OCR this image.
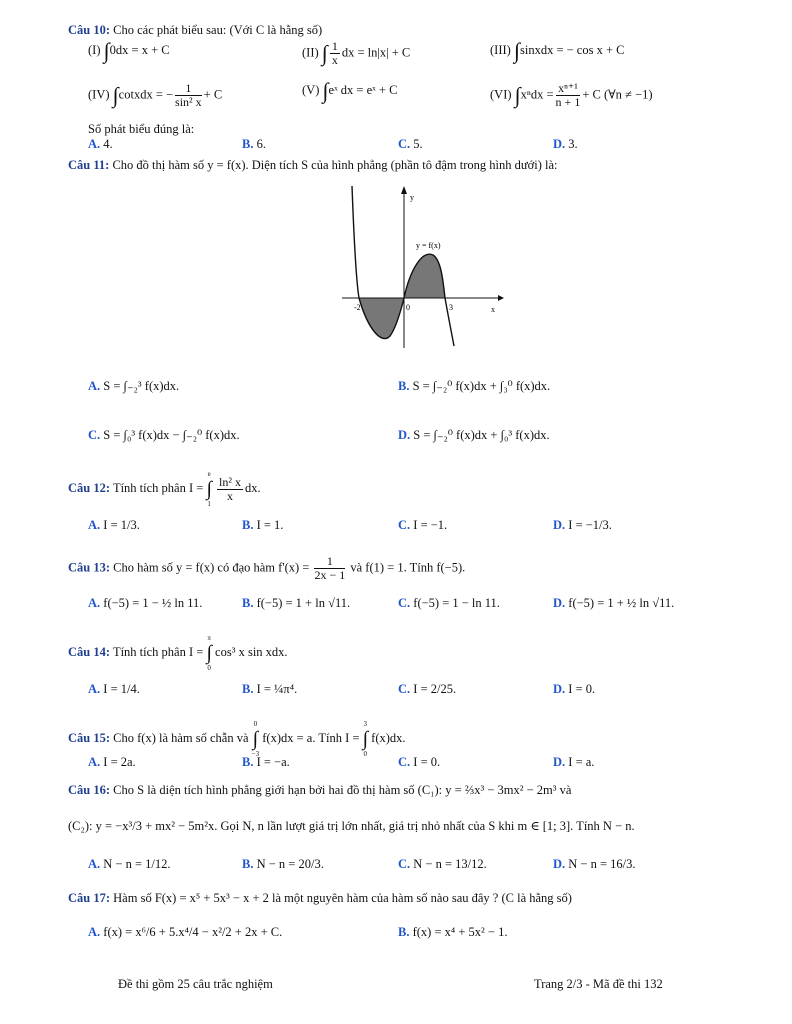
Câu 10: Cho các phát biểu sau: (Với C là hằng số)
(I) ∫0dx = x + C	(II) ∫ $\frac{1}{x}$ dx = ln|x| + C	(III) ∫sinxdx = − cos x + C
(IV) ∫cotxdx = − $\frac{1}{\text{sin² x}} + C$	(V) ∫eˣ dx = eˣ + C	(VI) $\int x^ndx = \frac{\text{xⁿ⁺¹}}{n + 1} + C$ (∀n ≠ −1)
Số phát biểu đúng là:
A. 4.	B. 6.	C. 5.	D. 3.
Câu 11: Cho đồ thị hàm số y = f(x). Diện tích S của hình phẳng (phần tô đậm trong hình dưới) là:
y = f(x)
y
x
-2	0	3
A. S = ∫₋₂³ f(x)dx.	B. S = ∫₋₂⁰ f(x)dx + ∫₃⁰ f(x)dx.
C. S = ∫₀³ f(x)dx − ∫₋₂⁰ f(x)dx.	D. S = ∫₋₂⁰ f(x)dx + ∫₀³ f(x)dx.
Câu 12: Tính tích phân I = e
∫
1
$\frac{\text{ln² x}}{x}$ dx.
A. I = 1/3.	B. I = 1.	C. I = −1.	D. I = −1/3.
Câu 13: Cho hàm số y = f(x) có đạo hàm $f'(x) = \frac{1}{2x - 1}$ và f(1) = 1. Tính f(−5).
A. f(−5) = 1 − ½ ln 11.	B. f(−5) = 1 + ln √11.	C. f(−5) = 1 − ln 11.	D. f(−5) = 1 + ½ ln √11.
Câu 14: Tính tích phân I = π
∫
0 cos³ x sin xdx.
A. I = 1/4.	B. I = ¼π⁴.	C. I = 2/25.	D. I = 0.
Câu 15: Cho f(x) là hàm số chẵn và 0
∫
−3 f(x)dx = a. Tính I = 3
∫
0 f(x)dx.
A. I = 2a.	B. I = −a.	C. I = 0.	D. I = a.
Câu 16: Cho S là diện tích hình phẳng giới hạn bởi hai đồ thị hàm số (C₁): y = ⅔x³ − 3mx² − 2m³ và
(C₂): y = −x³/3 + mx² − 5m²x. Gọi N, n lần lượt giá trị lớn nhất, giá trị nhỏ nhất của S khi m ∈ [1; 3]. Tính N − n.
A. N − n = 1/12.	B. N − n = 20/3.	C. N − n = 13/12.	D. N − n = 16/3.
Câu 17: Hàm số F(x) = x⁵ + 5x³ − x + 2 là một nguyên hàm của hàm số nào sau đây ? (C là hằng số)
A. f(x) = x⁶/6 + 5.x⁴/4 − x²/2 + 2x + C.	B. f(x) = x⁴ + 5x² − 1.
Đề thi gồm 25 câu trắc nghiệm	Trang 2/3 - Mã đề thi 132
